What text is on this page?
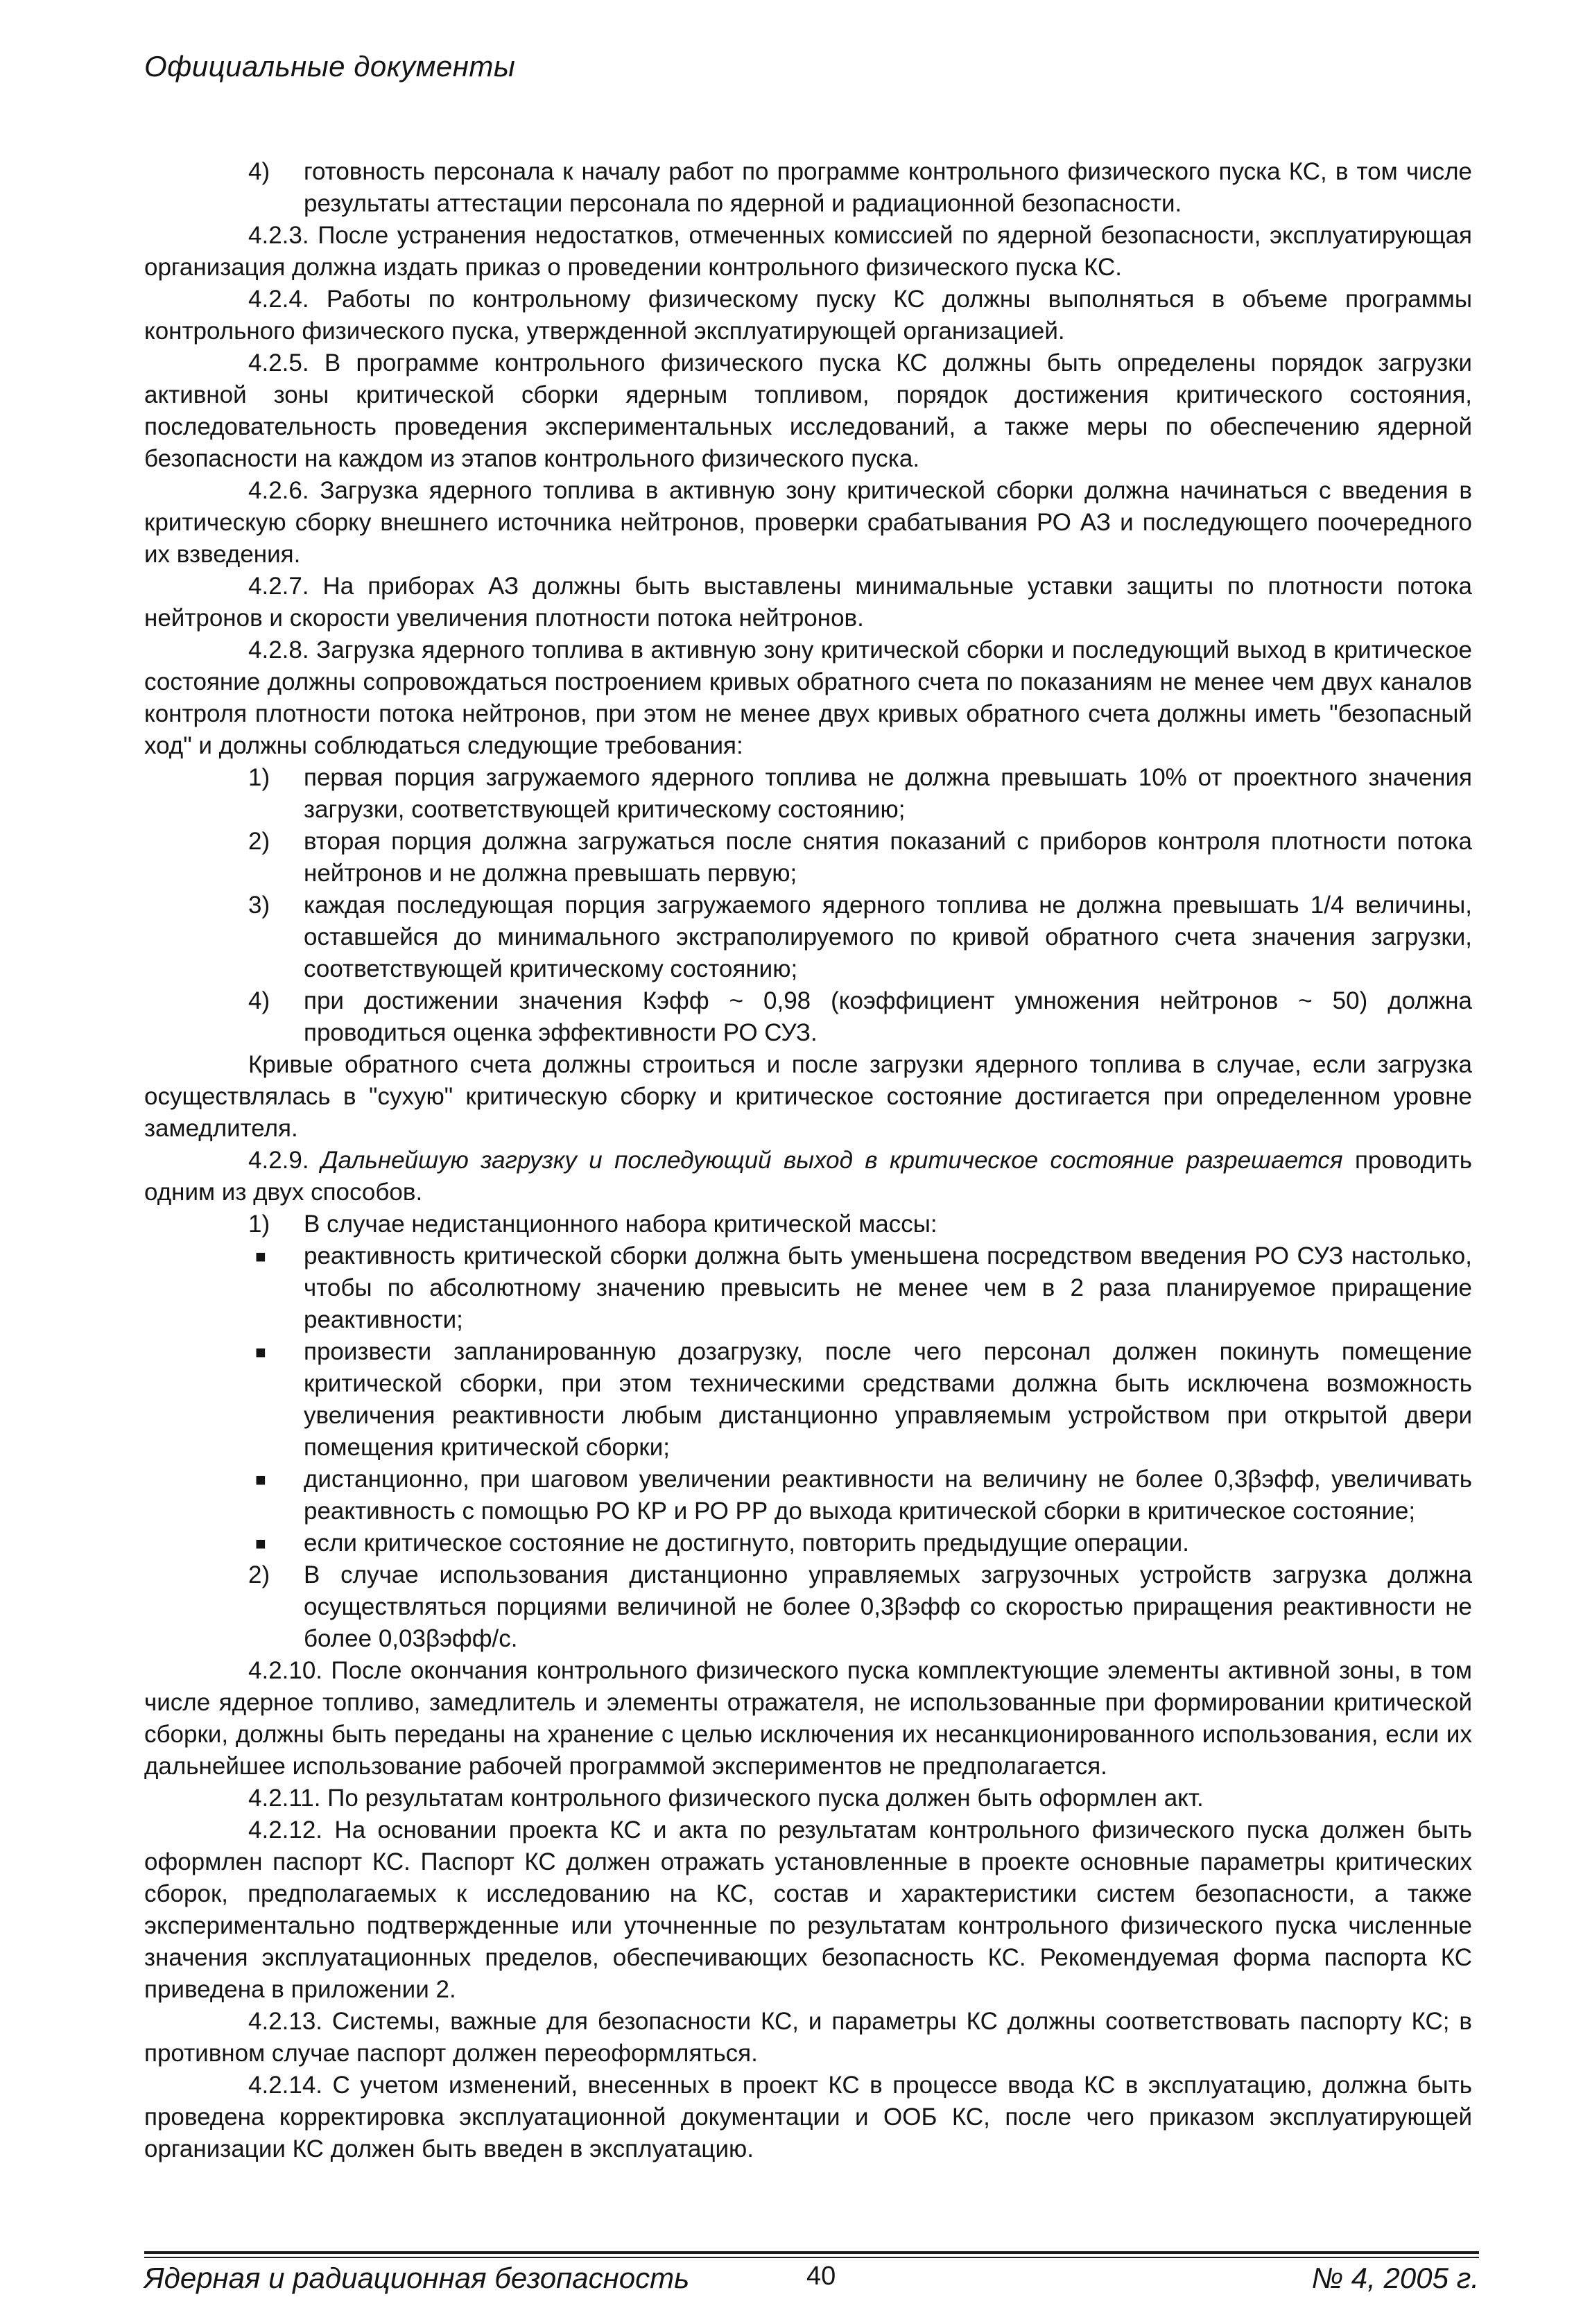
Официальные документы
4)	готовность персонала к началу работ по программе контрольного физического пуска КС, в том числе результаты аттестации персонала по ядерной и радиационной безопасности.

4.2.3. После устранения недостатков, отмеченных комиссией по ядерной безопасности, эксплуатирующая организация должна издать приказ о проведении контрольного физического пуска КС.

4.2.4. Работы по контрольному физическому пуску КС должны выполняться в объеме программы контрольного физического пуска, утвержденной эксплуатирующей организацией.

4.2.5. В программе контрольного физического пуска КС должны быть определены порядок загрузки активной зоны критической сборки ядерным топливом, порядок достижения критического состояния, последовательность проведения экспериментальных исследований, а также меры по обеспечению ядерной безопасности на каждом из этапов контрольного физического пуска.

4.2.6. Загрузка ядерного топлива в активную зону критической сборки должна начинаться с введения в критическую сборку внешнего источника нейтронов, проверки срабатывания РО АЗ и последующего поочередного их взведения.

4.2.7. На приборах АЗ должны быть выставлены минимальные уставки защиты по плотности потока нейтронов и скорости увеличения плотности потока нейтронов.

4.2.8. Загрузка ядерного топлива в активную зону критической сборки и последующий выход в критическое состояние должны сопровождаться построением кривых обратного счета по показаниям не менее чем двух каналов контроля плотности потока нейтронов, при этом не менее двух кривых обратного счета должны иметь "безопасный ход" и должны соблюдаться следующие требования:

1)	первая порция загружаемого ядерного топлива не должна превышать 10% от проектного значения загрузки, соответствующей критическому состоянию;
2)	вторая порция должна загружаться после снятия показаний с приборов контроля плотности потока нейтронов и не должна превышать первую;
3)	каждая последующая порция загружаемого ядерного топлива не должна превышать 1/4 величины, оставшейся до минимального экстраполируемого по кривой обратного счета значения загрузки, соответствующей критическому состоянию;
4)	при достижении значения Кэфф ~ 0,98 (коэффициент умножения нейтронов ~ 50) должна проводиться оценка эффективности РО СУЗ.

Кривые обратного счета должны строиться и после загрузки ядерного топлива в случае, если загрузка осуществлялась в "сухую" критическую сборку и критическое состояние достигается при определенном уровне замедлителя.

4.2.9. Дальнейшую загрузку и последующий выход в критическое состояние разрешается проводить одним из двух способов.

1)	В случае недистанционного набора критической массы:
■	реактивность критической сборки должна быть уменьшена посредством введения РО СУЗ настолько, чтобы по абсолютному значению превысить не менее чем в 2 раза планируемое приращение реактивности;
■	произвести запланированную дозагрузку, после чего персонал должен покинуть помещение критической сборки, при этом техническими средствами должна быть исключена возможность увеличения реактивности любым дистанционно управляемым устройством при открытой двери помещения критической сборки;
■	дистанционно, при шаговом увеличении реактивности на величину не более 0,3βэфф, увеличивать реактивность с помощью РО КР и РО РР до выхода критической сборки в критическое состояние;
■	если критическое состояние не достигнуто, повторить предыдущие операции.
2)	В случае использования дистанционно управляемых загрузочных устройств загрузка должна осуществляться порциями величиной не более 0,3βэфф со скоростью приращения реактивности не более 0,03βэфф/с.

4.2.10. После окончания контрольного физического пуска комплектующие элементы активной зоны, в том числе ядерное топливо, замедлитель и элементы отражателя, не использованные при формировании критической сборки, должны быть переданы на хранение с целью исключения их несанкционированного использования, если их дальнейшее использование рабочей программой экспериментов не предполагается.

4.2.11. По результатам контрольного физического пуска должен быть оформлен акт.

4.2.12. На основании проекта КС и акта по результатам контрольного физического пуска должен быть оформлен паспорт КС. Паспорт КС должен отражать установленные в проекте основные параметры критических сборок, предполагаемых к исследованию на КС, состав и характеристики систем безопасности, а также экспериментально подтвержденные или уточненные по результатам контрольного физического пуска численные значения эксплуатационных пределов, обеспечивающих безопасность КС. Рекомендуемая форма паспорта КС приведена в приложении 2.

4.2.13. Системы, важные для безопасности КС, и параметры КС должны соответствовать паспорту КС; в противном случае паспорт должен переоформляться.

4.2.14. С учетом изменений, внесенных в проект КС в процессе ввода КС в эксплуатацию, должна быть проведена корректировка эксплуатационной документации и ООБ КС, после чего приказом эксплуатирующей организации КС должен быть введен в эксплуатацию.

Ядерная и радиационная безопасность	40	№ 4, 2005 г.
